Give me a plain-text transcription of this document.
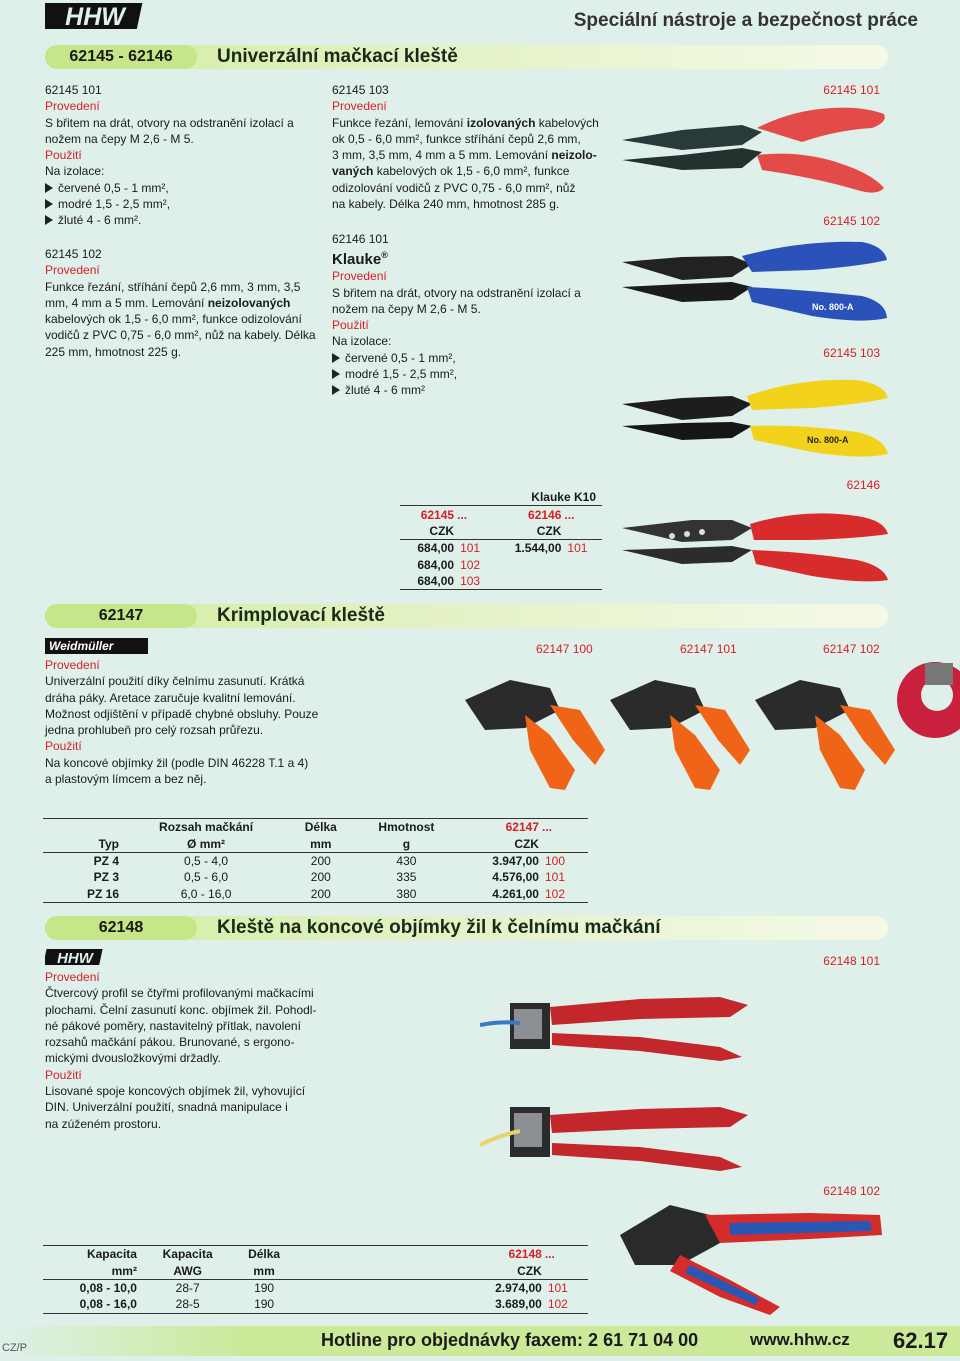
HHW	Speciální nástroje a bezpečnost práce
62145 - 62146	Univerzální mačkací kleště

62145 101

Provedení

S břitem na drát, otvory na odstranění izolací a nožem na čepy M 2,6 - M 5.

Použití

Na izolace:

červené 0,5 - 1 mm²,

modré 1,5 - 2,5 mm²,

žluté 4 - 6 mm².

62145 102

Provedení

Funkce řezání, stříhání čepů 2,6 mm, 3 mm, 3,5

mm, 4 mm a 5 mm. Lemování neizolovaných

kabelových ok 1,5 - 6,0 mm², funkce odizolování

vodičů z PVC 0,75 - 6,0 mm², nůž na kabely. Délka

225 mm, hmotnost 225 g.

62145 103

Provedení

Funkce řezání, lemování izolovaných kabelových

ok 0,5 - 6,0 mm², funkce stříhání čepů 2,6 mm,

3 mm, 3,5 mm, 4 mm a 5 mm. Lemování neizolo-

vaných kabelových ok 1,5 - 6,0 mm², funkce

odizolování vodičů z PVC 0,75 - 6,0 mm², nůž

na kabely. Délka 240 mm, hmotnost 285 g.

62146 101

Klauke®

Provedení

S břitem na drát, otvory na odstranění izolací a

nožem na čepy M 2,6 - M 5.

Použití

Na izolace:

červené 0,5 - 1 mm²,

modré 1,5 - 2,5 mm²,

žluté 4 - 6 mm²

62145 101
62145 102
62145 103
62146
No. 800-A
No. 800-A
Klauke K10			
62145	...	62146	...
CZK		CZK	
684,00	101	1.544,00	101
684,00	102		
684,00	103		
62147	Krimplovací kleště
Weidmüller

Provedení

Univerzální použití díky čelnímu zasunutí. Krátká

dráha páky. Aretace zaručuje kvalitní lemování.

Možnost odjištění v případě chybné obsluhy. Pouze

jedna prohlubeň pro celý rozsah průřezu.

Použití

Na koncové objímky žil (podle DIN 46228 T.1 a 4)

a plastovým límcem a bez něj.

62147 100	62147 101	62147 102
	Rozsah mačkání	Délka	Hmotnost	62147	...
Typ	Ø mm²	mm	g	CZK	
PZ 4	0,5 - 4,0	200	430	3.947,00	100
PZ 3	0,5 - 6,0	200	335	4.576,00	101
PZ 16	6,0 - 16,0	200	380	4.261,00	102
62148	Kleště na koncové objímky žil k čelnímu mačkání
HHW

Provedení

Čtvercový profil se čtyřmi profilovanými mačkacími

plochami. Čelní zasunutí konc. objímek žil. Pohodl-

né pákové poměry, nastavitelný přítlak, navolení

rozsahů mačkání pákou. Brunované, s ergono-

mickými dvousložkovými držadly.

Použití

Lisované spoje koncových objímek žil, vyhovující

DIN. Univerzální použití, snadná manipulace i

na zúženém prostoru.

62148 101
62148 102
Kapacita	Kapacita	Délka	62148	...
mm²	AWG	mm	CZK	
0,08 - 10,0	28-7	190	2.974,00	101
0,08 - 16,0	28-5	190	3.689,00	102
CZ/P	Hotline pro objednávky faxem: 2 61 71 04 00	www.hhw.cz 62.17
